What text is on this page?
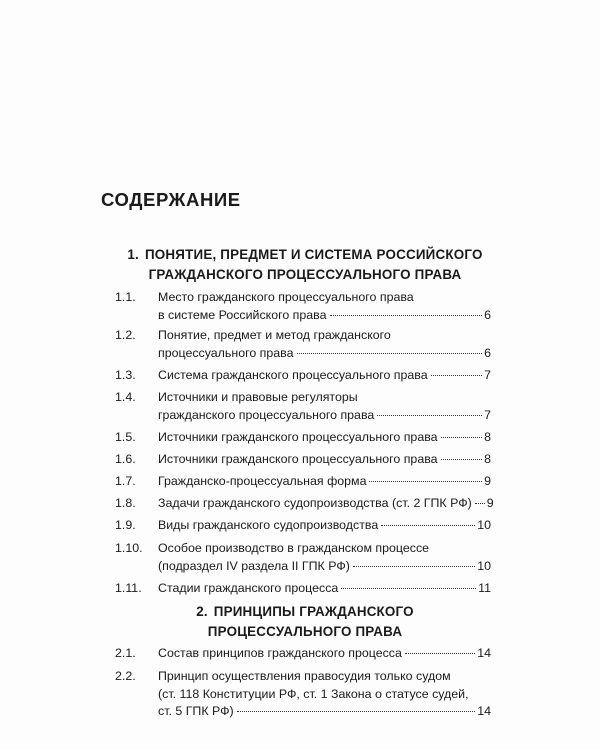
СОДЕРЖАНИЕ
1. ПОНЯТИЕ, ПРЕДМЕТ И СИСТЕМА РОССИЙСКОГО
ГРАЖДАНСКОГО ПРОЦЕССУАЛЬНОГО ПРАВА
1.1. Место гражданского процессуального права
в системе Российского права	6
1.2. Понятие, предмет и метод гражданского
процессуального права	6
1.3. Система гражданского процессуального права	7
1.4. Источники и правовые регуляторы
гражданского процессуального права	7
1.5. Источники гражданского процессуального права	8
1.6. Источники гражданского процессуального права	8
1.7. Гражданско-процессуальная форма	9
1.8. Задачи гражданского судопроизводства (ст. 2 ГПК РФ) 9
1.9. Виды гражданского судопроизводства	10
1.10. Особое производство в гражданском процессе
(подраздел IV раздела II ГПК РФ)	10
1.11. Стадии гражданского процесса	11
2. ПРИНЦИПЫ ГРАЖДАНСКОГО
ПРОЦЕССУАЛЬНОГО ПРАВА
2.1. Состав принципов гражданского процесса	14
2.2. Принцип осуществления правосудия только судом
(ст. 118 Конституции РФ, ст. 1 Закона о статусе судей,
ст. 5 ГПК РФ)	14
